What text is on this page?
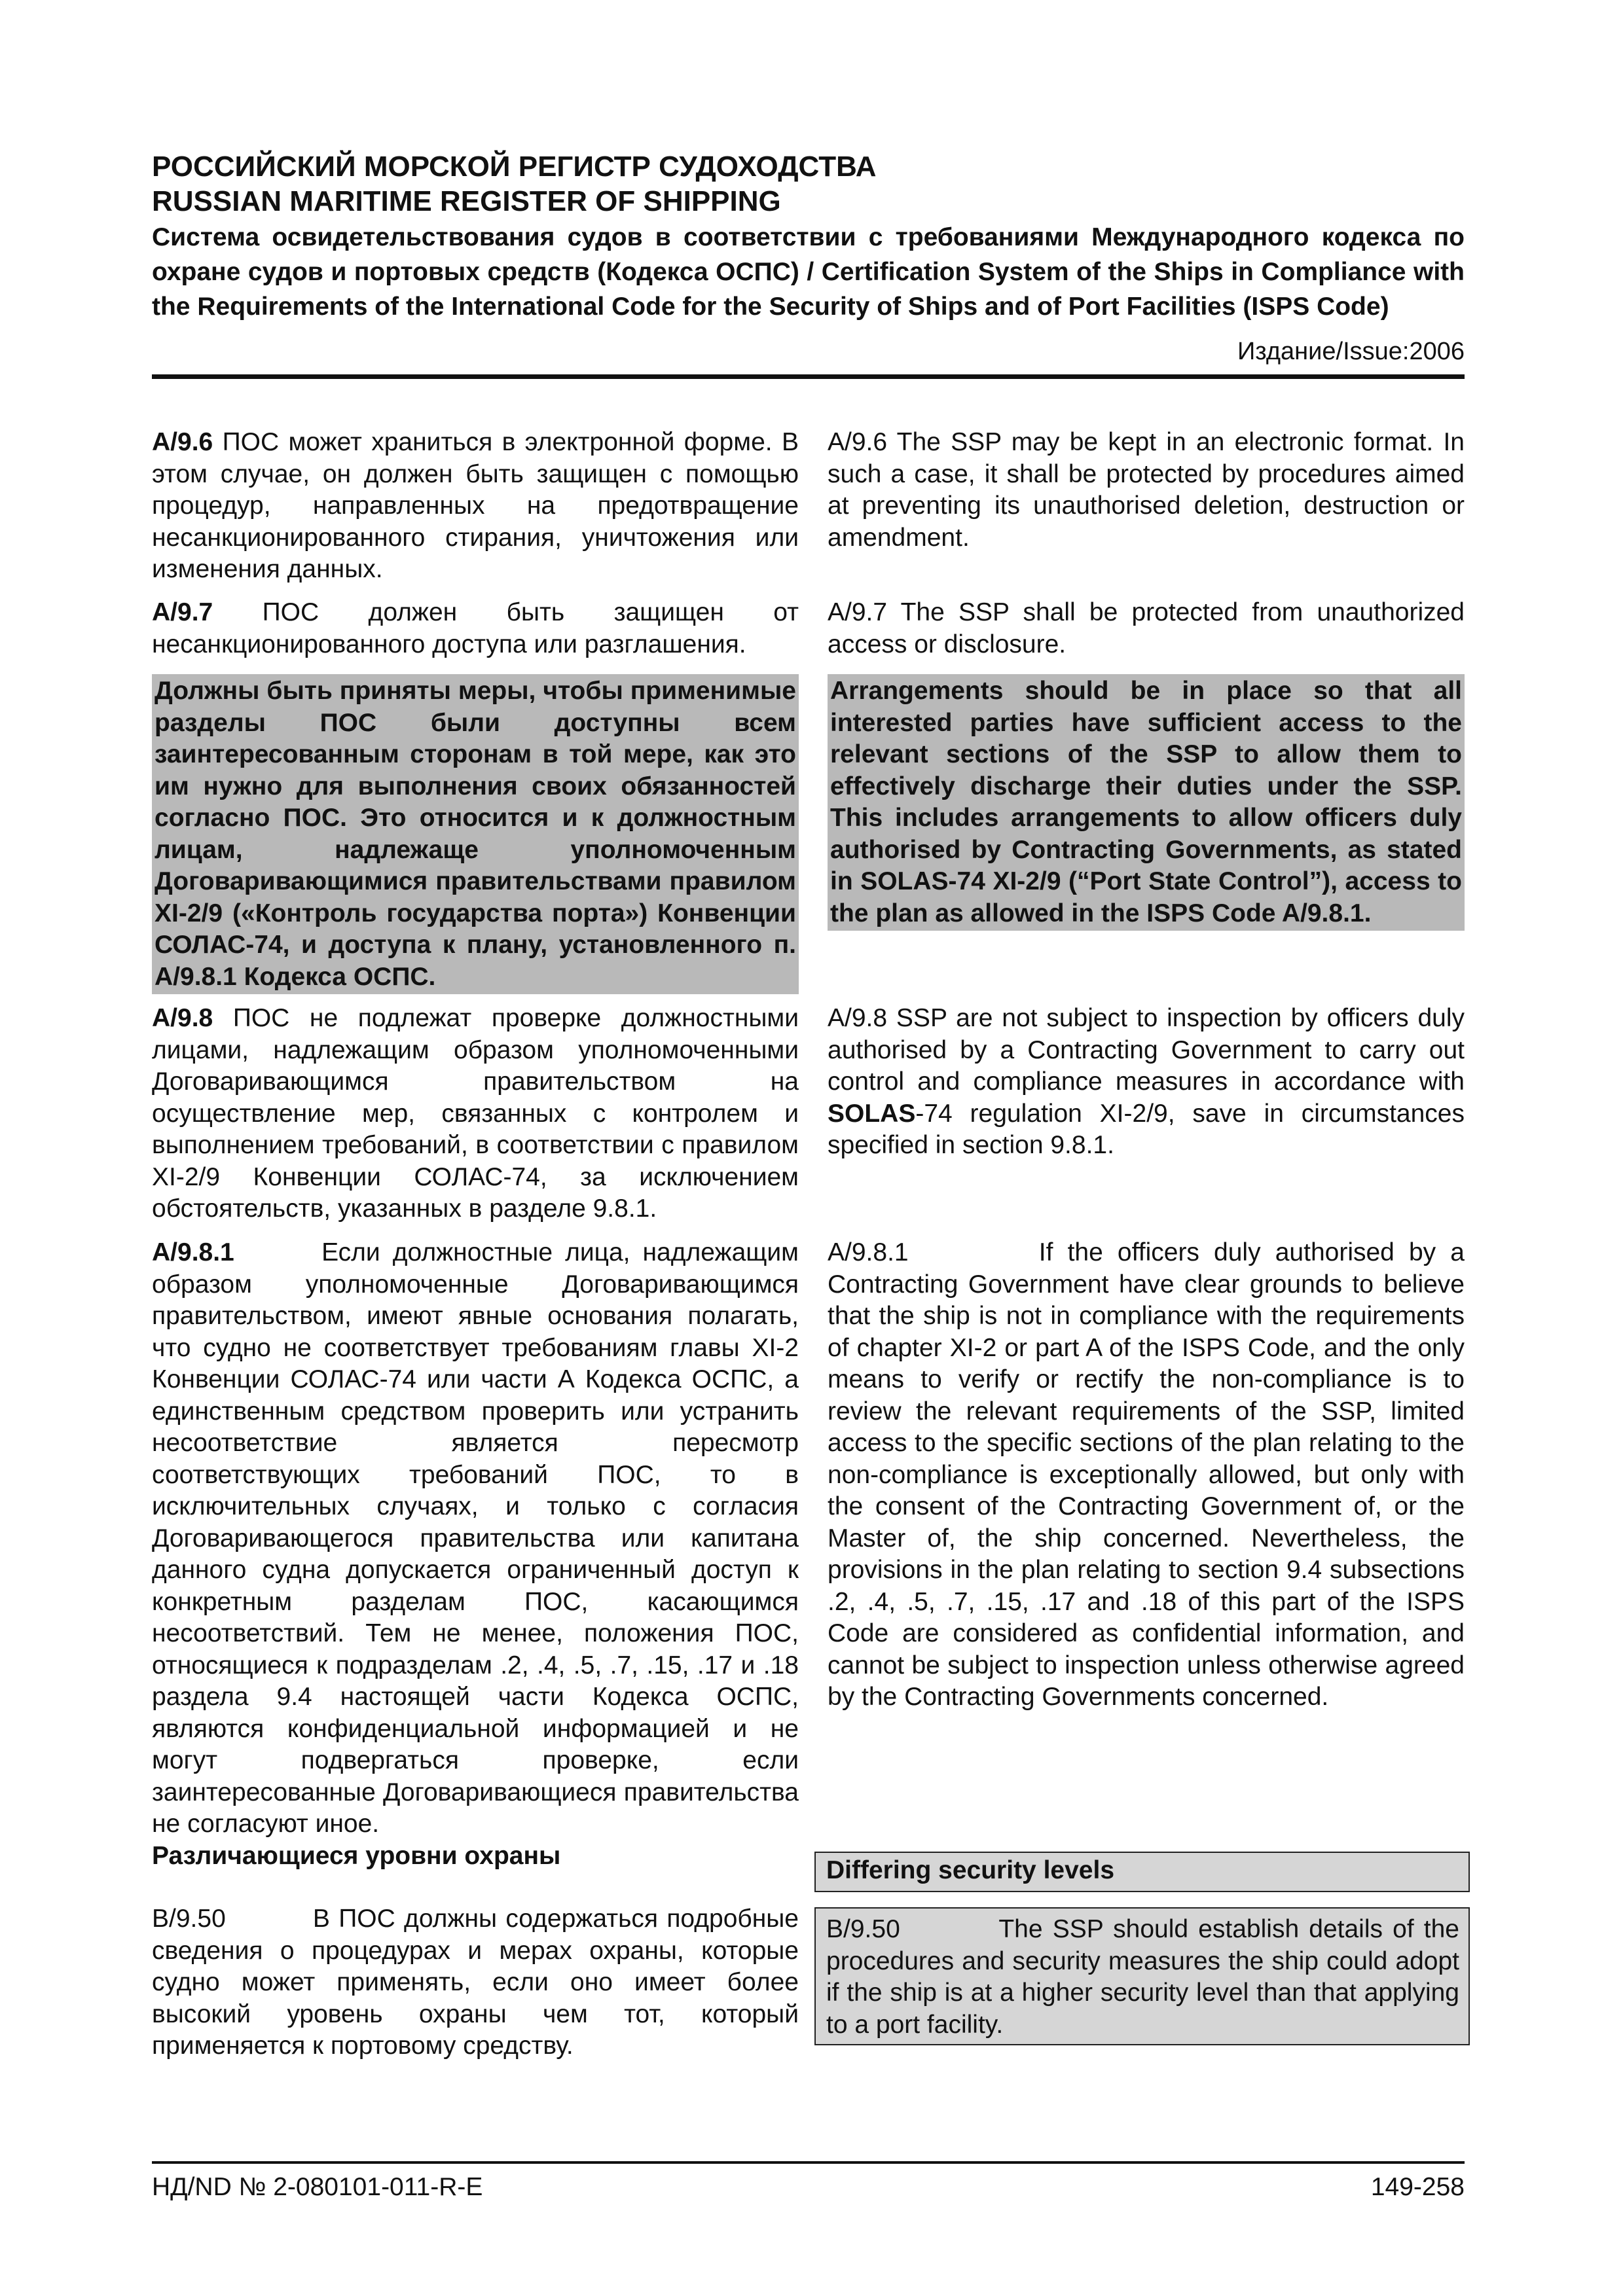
РОССИЙСКИЙ МОРСКОЙ РЕГИСТР СУДОХОДСТВА
RUSSIAN MARITIME REGISTER OF SHIPPING
Система освидетельствования судов в соответствии с требованиями Международного кодекса по охране судов и портовых средств (Кодекса ОСПС) / Certification System of the Ships in Compliance with the Requirements of the International Code for the Security of Ships and of Port Facilities (ISPS Code)
Издание/Issue:2006

А/9.6 ПОС может храниться в электронной форме. В этом случае, он должен быть защищен с помощью процедур, направленных на предотвращение несанкционированного стирания, уничтожения или изменения данных.

А/9.7 ПОС должен быть защищен от несанкционированного доступа или разглашения.

Должны быть приняты меры, чтобы применимые разделы ПОС были доступны всем заинтересованным сторонам в той мере, как это им нужно для выполнения своих обязанностей согласно ПОС. Это относится и к должностным лицам, надлежаще уполномоченным Договаривающимися правительствами правилом XI-2/9 («Контроль государства порта») Конвенции СОЛАС-74, и доступа к плану, установленного п. А/9.8.1 Кодекса ОСПС.

А/9.8 ПОС не подлежат проверке должностными лицами, надлежащим образом уполномоченными Договаривающимся правительством на осуществление мер, связанных с контролем и выполнением требований, в соответствии с правилом XI-2/9 Конвенции СОЛАС-74, за исключением обстоятельств, указанных в разделе 9.8.1.

А/9.8.1	Если должностные лица, надлежащим образом уполномоченные Договаривающимся правительством, имеют явные основания полагать, что судно не соответствует требованиям главы XI-2 Конвенции СОЛАС-74 или части А Кодекса ОСПС, а единственным средством проверить или устранить несоответствие является пересмотр соответствующих требований ПОС, то в исключительных случаях, и только с согласия Договаривающегося правительства или капитана данного судна допускается ограниченный доступ к конкретным разделам ПОС, касающимся несоответствий. Тем не менее, положения ПОС, относящиеся к подразделам .2, .4, .5, .7, .15, .17 и .18 раздела 9.4 настоящей части Кодекса ОСПС, являются конфиденциальной информацией и не могут подвергаться проверке, если заинтересованные Договаривающиеся правительства не согласуют иное.

Различающиеся уровни охраны

В/9.50	В ПОС должны содержаться подробные сведения о процедурах и мерах охраны, которые судно может применять, если оно имеет более высокий уровень охраны чем тот, который применяется к портовому средству.

A/9.6 The SSP may be kept in an electronic format. In such a case, it shall be protected by procedures aimed at preventing its unauthorised deletion, destruction or amendment.

A/9.7 The SSP shall be protected from unauthorized access or disclosure.

Arrangements should be in place so that all interested parties have sufficient access to the relevant sections of the SSP to allow them to effectively discharge their duties under the SSP. This includes arrangements to allow officers duly authorised by Contracting Governments, as stated in SOLAS-74 XI-2/9 (“Port State Control”), access to the plan as allowed in the ISPS Code A/9.8.1.

A/9.8 SSP are not subject to inspection by officers duly authorised by a Contracting Government to carry out control and compliance measures in accordance with SOLAS-74 regulation XI-2/9, save in circumstances specified in section 9.8.1.

A/9.8.1	If the officers duly authorised by a Contracting Government have clear grounds to believe that the ship is not in compliance with the requirements of chapter XI-2 or part A of the ISPS Code, and the only means to verify or rectify the non-compliance is to review the relevant requirements of the SSP, limited access to the specific sections of the plan relating to the non-compliance is exceptionally allowed, but only with the consent of the Contracting Government of, or the Master of, the ship concerned. Nevertheless, the provisions in the plan relating to section 9.4 subsections .2, .4, .5, .7, .15, .17 and .18 of this part of the ISPS Code are considered as confidential information, and cannot be subject to inspection unless otherwise agreed by the Contracting Governments concerned.

Differing security levels

B/9.50	The SSP should establish details of the procedures and security measures the ship could adopt if the ship is at a higher security level than that applying to a port facility.

НД/ND № 2-080101-011-R-E	149-258
